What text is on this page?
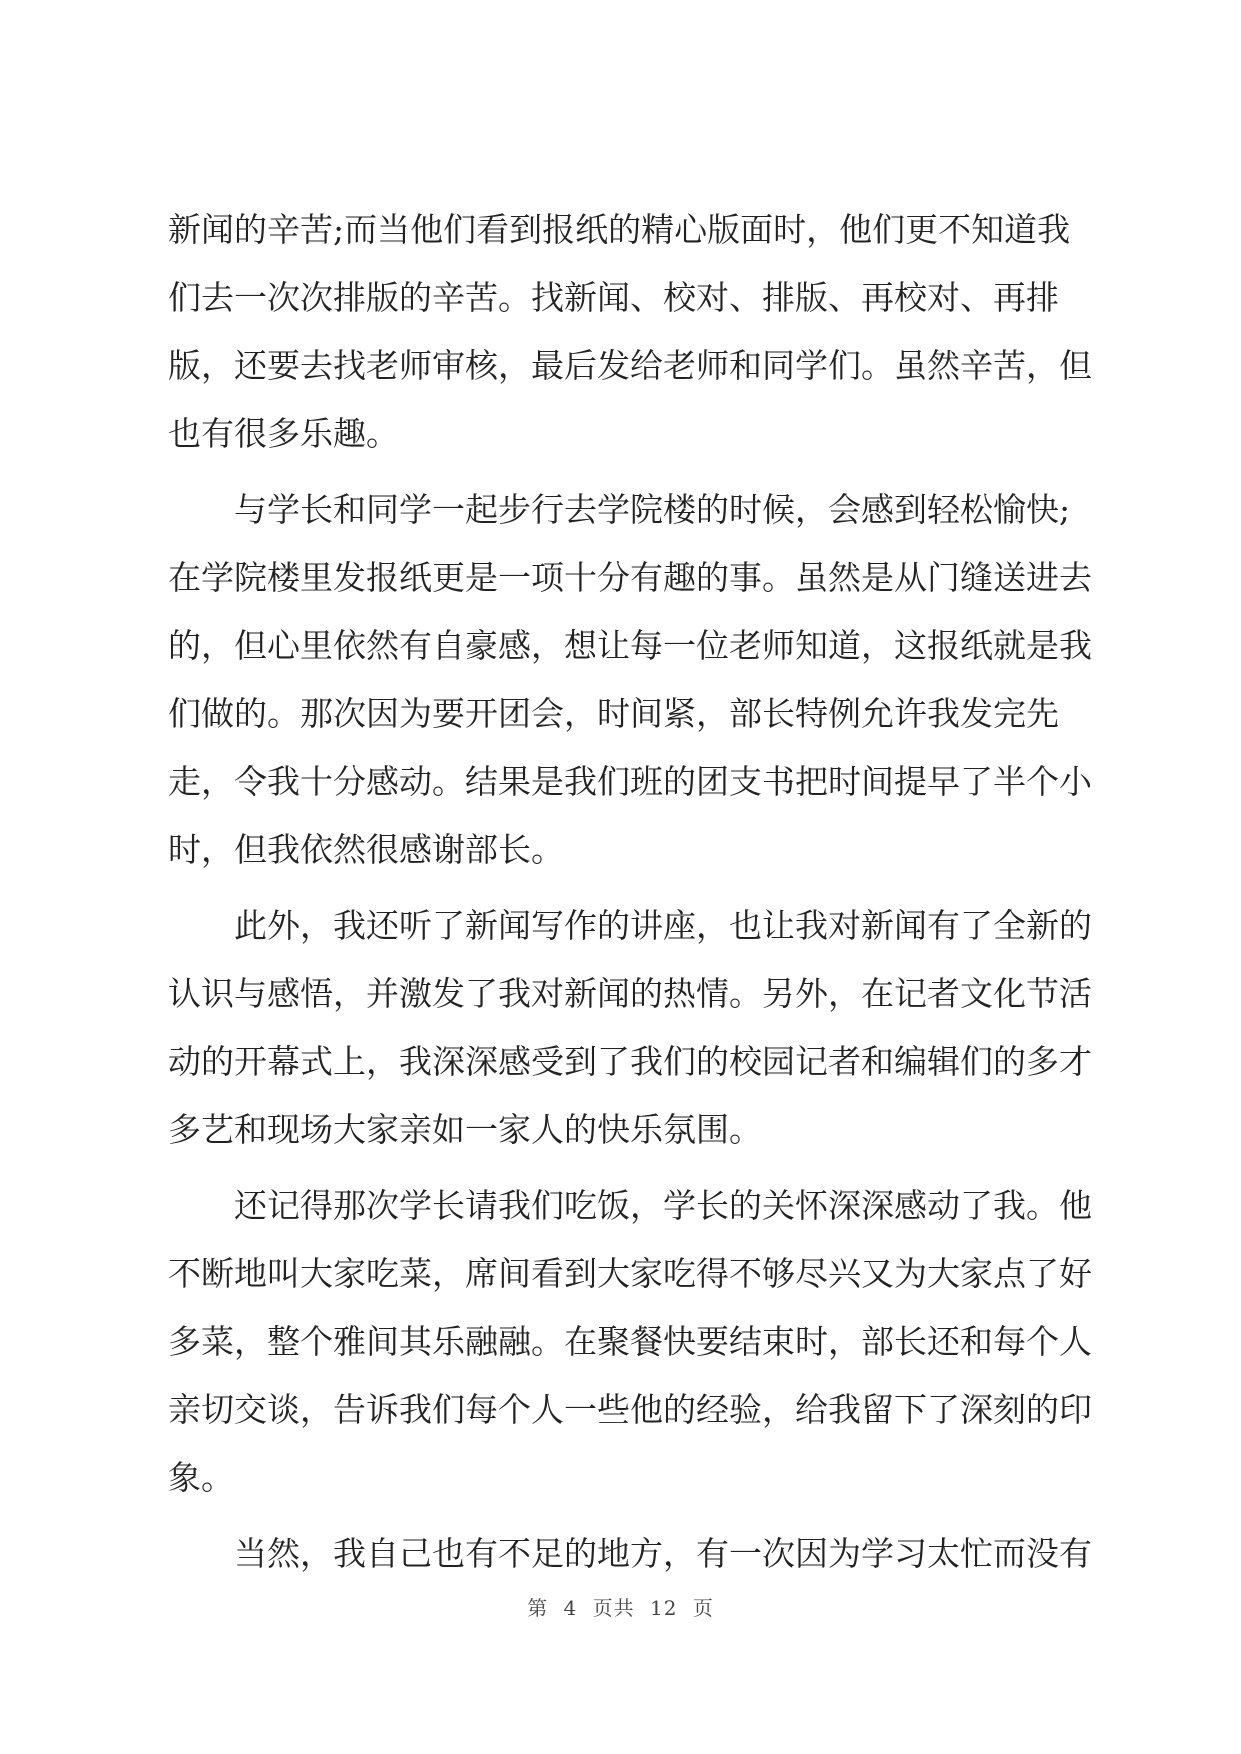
新闻的辛苦;而当他们看到报纸的精心版面时，他们更不知道我
们去一次次排版的辛苦。找新闻、校对、排版、再校对、再排
版，还要去找老师审核，最后发给老师和同学们。虽然辛苦，但
也有很多乐趣。
与学长和同学一起步行去学院楼的时候，会感到轻松愉快;
在学院楼里发报纸更是一项十分有趣的事。虽然是从门缝送进去
的，但心里依然有自豪感，想让每一位老师知道，这报纸就是我
们做的。那次因为要开团会，时间紧，部长特例允许我发完先
走，令我十分感动。结果是我们班的团支书把时间提早了半个小
时，但我依然很感谢部长。
此外，我还听了新闻写作的讲座，也让我对新闻有了全新的
认识与感悟，并激发了我对新闻的热情。另外，在记者文化节活
动的开幕式上，我深深感受到了我们的校园记者和编辑们的多才
多艺和现场大家亲如一家人的快乐氛围。
还记得那次学长请我们吃饭，学长的关怀深深感动了我。他
不断地叫大家吃菜，席间看到大家吃得不够尽兴又为大家点了好
多菜，整个雅间其乐融融。在聚餐快要结束时，部长还和每个人
亲切交谈，告诉我们每个人一些他的经验，给我留下了深刻的印
象。
当然，我自己也有不足的地方，有一次因为学习太忙而没有
第 4 页共 12 页
